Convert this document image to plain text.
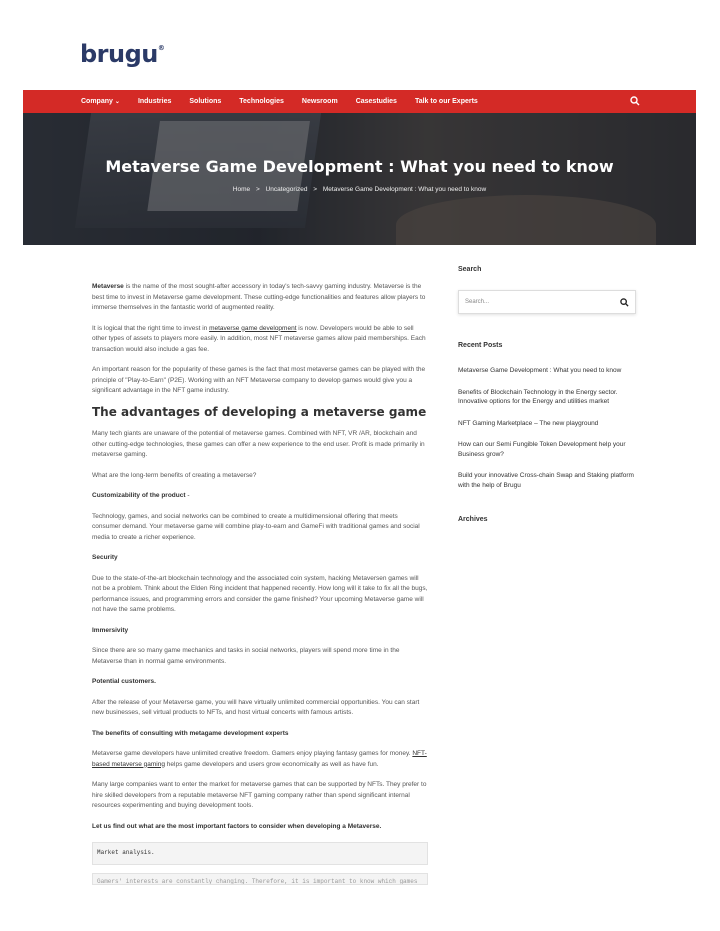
brugu®
Company ⌄	Industries	Solutions	Technologies	Newsroom	Casestudies	Talk to our Experts
Metaverse Game Development : What you need to know
Home > Uncategorized > Metaverse Game Development : What you need to know

Metaverse is the name of the most sought-after accessory in today's tech-savvy gaming industry. Metaverse is the best time to invest in Metaverse game development. These cutting-edge functionalities and features allow players to immerse themselves in the fantastic world of augmented reality.

It is logical that the right time to invest in metaverse game development is now. Developers would be able to sell other types of assets to players more easily. In addition, most NFT metaverse games allow paid memberships. Each transaction would also include a gas fee.

An important reason for the popularity of these games is the fact that most metaverse games can be played with the principle of "Play-to-Earn" (P2E). Working with an NFT Metaverse company to develop games would give you a significant advantage in the NFT game industry.

The advantages of developing a metaverse game

Many tech giants are unaware of the potential of metaverse games. Combined with NFT, VR /AR, blockchain and other cutting-edge technologies, these games can offer a new experience to the end user. Profit is made primarily in metaverse gaming.

What are the long-term benefits of creating a metaverse?

Customizability of the product -

Technology, games, and social networks can be combined to create a multidimensional offering that meets consumer demand. Your metaverse game will combine play-to-earn and GameFi with traditional games and social media to create a richer experience.

Security

Due to the state-of-the-art blockchain technology and the associated coin system, hacking Metaversen games will not be a problem. Think about the Elden Ring incident that happened recently. How long will it take to fix all the bugs, performance issues, and programming errors and consider the game finished? Your upcoming Metaverse game will not have the same problems.

Immersivity

Since there are so many game mechanics and tasks in social networks, players will spend more time in the Metaverse than in normal game environments.

Potential customers.

After the release of your Metaverse game, you will have virtually unlimited commercial opportunities. You can start new businesses, sell virtual products to NFTs, and host virtual concerts with famous artists.

The benefits of consulting with metagame development experts

Metaverse game developers have unlimited creative freedom. Gamers enjoy playing fantasy games for money. NFT-based metaverse gaming helps game developers and users grow economically as well as have fun.

Many large companies want to enter the market for metaverse games that can be supported by NFTs. They prefer to hire skilled developers from a reputable metaverse NFT gaming company rather than spend significant internal resources experimenting and buying development tools.

Let us find out what are the most important factors to consider when developing a Metaverse.

Market analysis.
Gamers' interests are constantly changing. Therefore, it is important to know which games
Search
Search...
Recent Posts
Metaverse Game Development : What you need to know
Benefits of Blockchain Technology in the Energy sector. Innovative options for the Energy and utilities market
NFT Gaming Marketplace – The new playground
How can our Semi Fungible Token Development help your Business grow?
Build your innovative Cross-chain Swap and Staking platform with the help of Brugu
Archives
